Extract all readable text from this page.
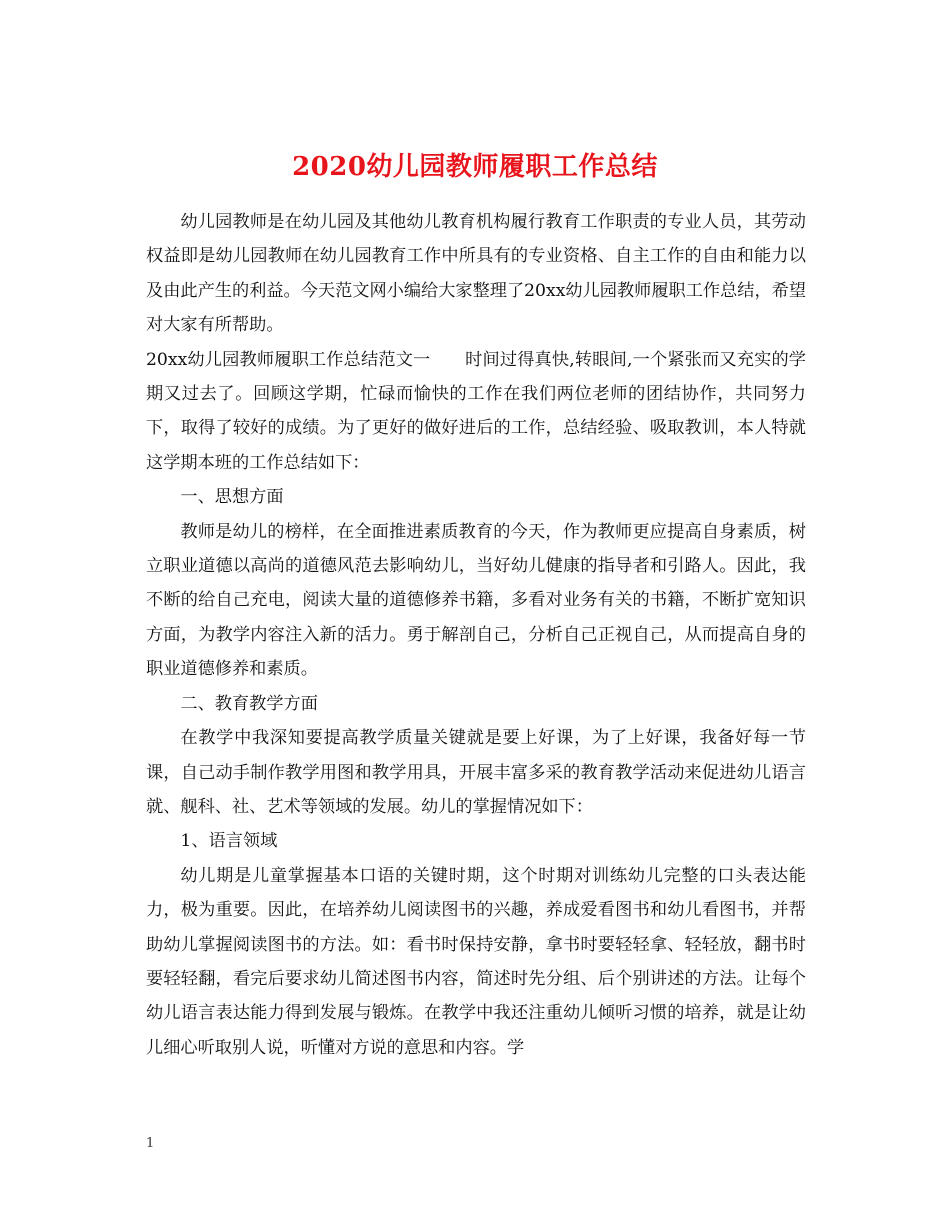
2020幼儿园教师履职工作总结

幼儿园教师是在幼儿园及其他幼儿教育机构履行教育工作职责的专业人员，其劳动权益即是幼儿园教师在幼儿园教育工作中所具有的专业资格、自主工作的自由和能力以及由此产生的利益。今天范文网小编给大家整理了20xx幼儿园教师履职工作总结，希望对大家有所帮助。

20xx幼儿园教师履职工作总结范文一　　时间过得真快,转眼间,一个紧张而又充实的学期又过去了。回顾这学期，忙碌而愉快的工作在我们两位老师的团结协作，共同努力下，取得了较好的成绩。为了更好的做好进后的工作，总结经验、吸取教训，本人特就这学期本班的工作总结如下：

一、思想方面

教师是幼儿的榜样，在全面推进素质教育的今天，作为教师更应提高自身素质，树立职业道德以高尚的道德风范去影响幼儿，当好幼儿健康的指导者和引路人。因此，我不断的给自己充电，阅读大量的道德修养书籍，多看对业务有关的书籍，不断扩宽知识方面，为教学内容注入新的活力。勇于解剖自己，分析自己正视自己，从而提高自身的职业道德修养和素质。

二、教育教学方面

在教学中我深知要提高教学质量关键就是要上好课，为了上好课，我备好每一节课，自己动手制作教学用图和教学用具，开展丰富多采的教育教学活动来促进幼儿语言就、舰科、社、艺术等领域的发展。幼儿的掌握情况如下：

1、语言领域

幼儿期是儿童掌握基本口语的关键时期，这个时期对训练幼儿完整的口头表达能力，极为重要。因此，在培养幼儿阅读图书的兴趣，养成爱看图书和幼儿看图书，并帮助幼儿掌握阅读图书的方法。如：看书时保持安静，拿书时要轻轻拿、轻轻放，翻书时要轻轻翻，看完后要求幼儿简述图书内容，简述时先分组、后个别讲述的方法。让每个幼儿语言表达能力得到发展与锻炼。在教学中我还注重幼儿倾听习惯的培养，就是让幼儿细心听取别人说，听懂对方说的意思和内容。学

1
